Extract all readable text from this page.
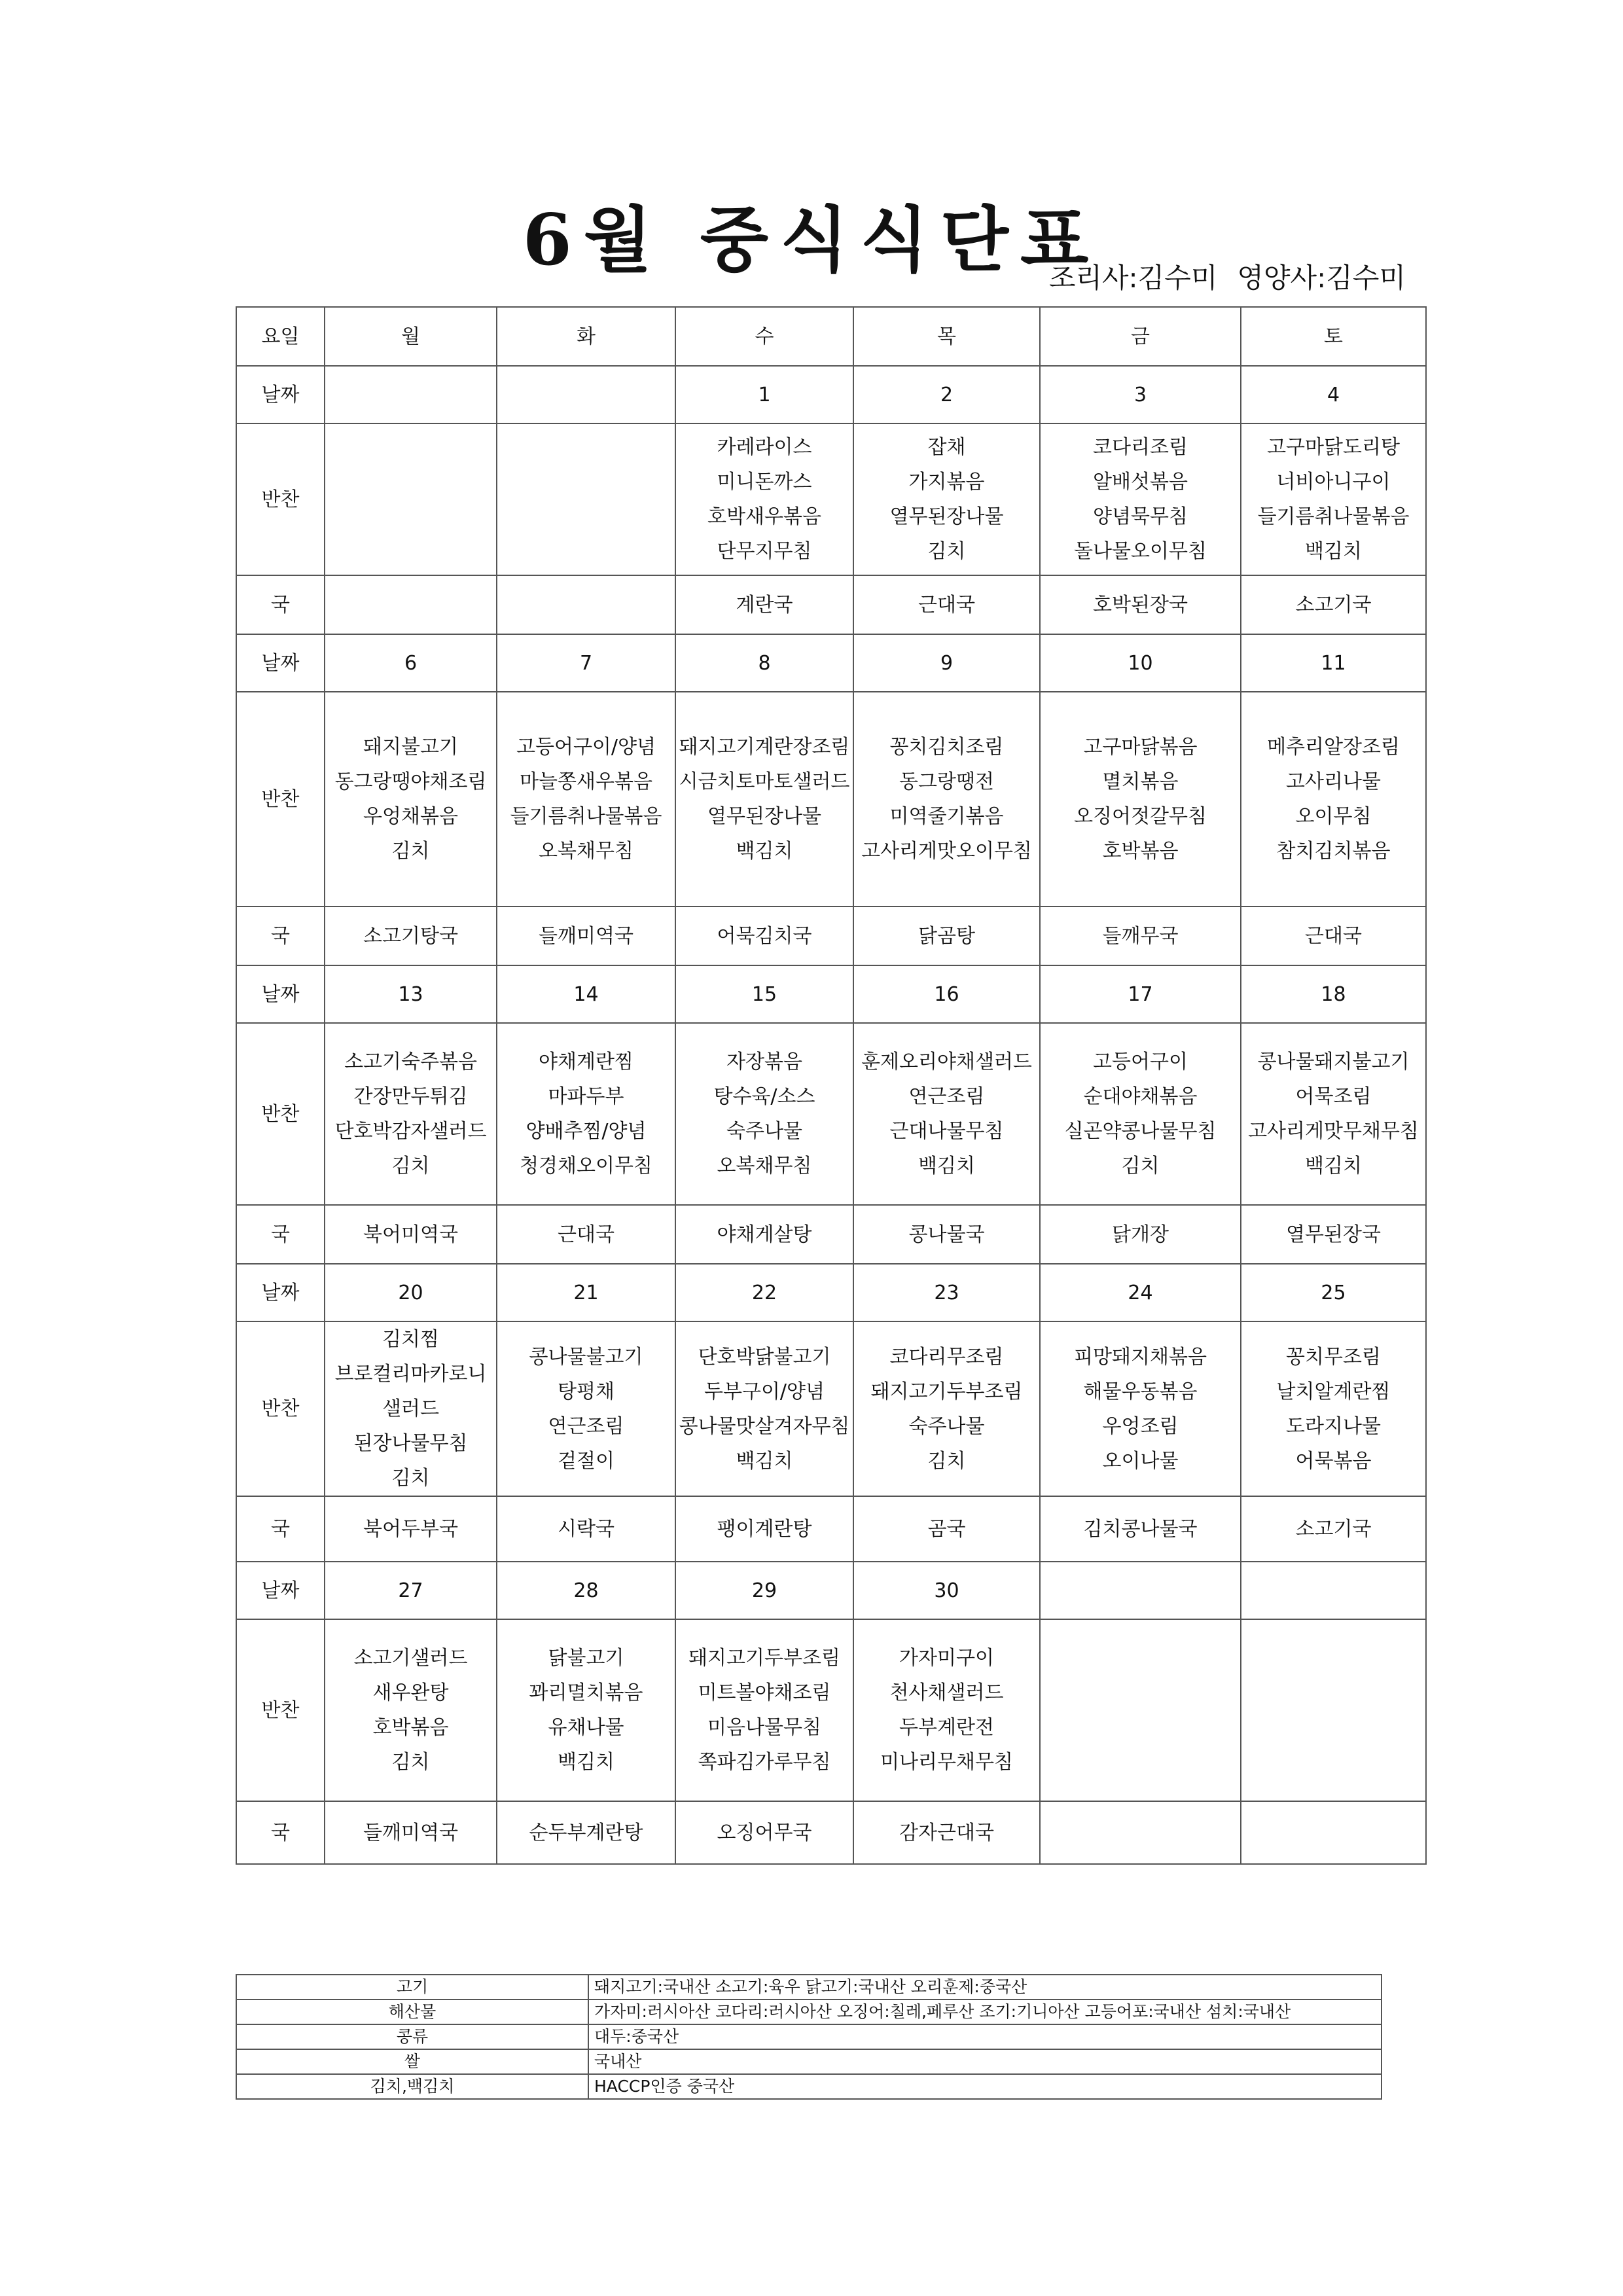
6월 중식식단표
조리사:김수미 영양사:김수미
요일	월	화	수	목	금	토
날짜			1	2	3	4
반찬			카레라이스
미니돈까스
호박새우볶음
단무지무침	잡채
가지볶음
열무된장나물
김치	코다리조림
알배섯볶음
양념묵무침
돌나물오이무침	고구마닭도리탕
너비아니구이
들기름취나물볶음
백김치

국			계란국	근대국	호박된장국	소고기국
날짜	6	7	8	9	10	11
반찬	돼지불고기
동그랑땡야채조림
우엉채볶음
김치	고등어구이/양념
마늘쫑새우볶음
들기름취나물볶음
오복채무침	돼지고기계란장조림
시금치토마토샐러드
열무된장나물
백김치	꽁치김치조림
동그랑땡전
미역줄기볶음
고사리게맛오이무침	고구마닭볶음
멸치볶음
오징어젓갈무침
호박볶음	메추리알장조림
고사리나물
오이무침
참치김치볶음

국	소고기탕국	들깨미역국	어묵김치국	닭곰탕	들깨무국	근대국
날짜	13	14	15	16	17	18
반찬	소고기숙주볶음
간장만두튀김
단호박감자샐러드
김치	야채계란찜
마파두부
양배추찜/양념
청경채오이무침	자장볶음
탕수육/소스
숙주나물
오복채무침	훈제오리야채샐러드
연근조림
근대나물무침
백김치	고등어구이
순대야채볶음
실곤약콩나물무침
김치	콩나물돼지불고기
어묵조림
고사리게맛무채무침
백김치

국	북어미역국	근대국	야채게살탕	콩나물국	닭개장	열무된장국
날짜	20	21	22	23	24	25
반찬	김치찜
브로컬리마카로니샐러드
된장나물무침
김치	콩나물불고기
탕평채
연근조림
겉절이	단호박닭불고기
두부구이/양념
콩나물맛살겨자무침
백김치	코다리무조림
돼지고기두부조림
숙주나물
김치	피망돼지채볶음
해물우동볶음
우엉조림
오이나물	꽁치무조림
날치알계란찜
도라지나물
어묵볶음

국	북어두부국	시락국	팽이계란탕	곰국	김치콩나물국	소고기국
날짜	27	28	29	30		
반찬	소고기샐러드
새우완탕
호박볶음
김치	닭불고기
꽈리멸치볶음
유채나물
백김치	돼지고기두부조림
미트볼야채조림
미음나물무침
쪽파김가루무침	가자미구이
천사채샐러드
두부계란전
미나리무채무침		

국	들깨미역국	순두부계란탕	오징어무국	감자근대국		
고기	돼지고기:국내산 소고기:육우 닭고기:국내산 오리훈제:중국산
해산물	가자미:러시아산 코다리:러시아산 오징어:칠레,페루산 조기:기니아산 고등어포:국내산 섬치:국내산
콩류	대두:중국산
쌀	국내산
김치,백김치	HACCP인증 중국산
